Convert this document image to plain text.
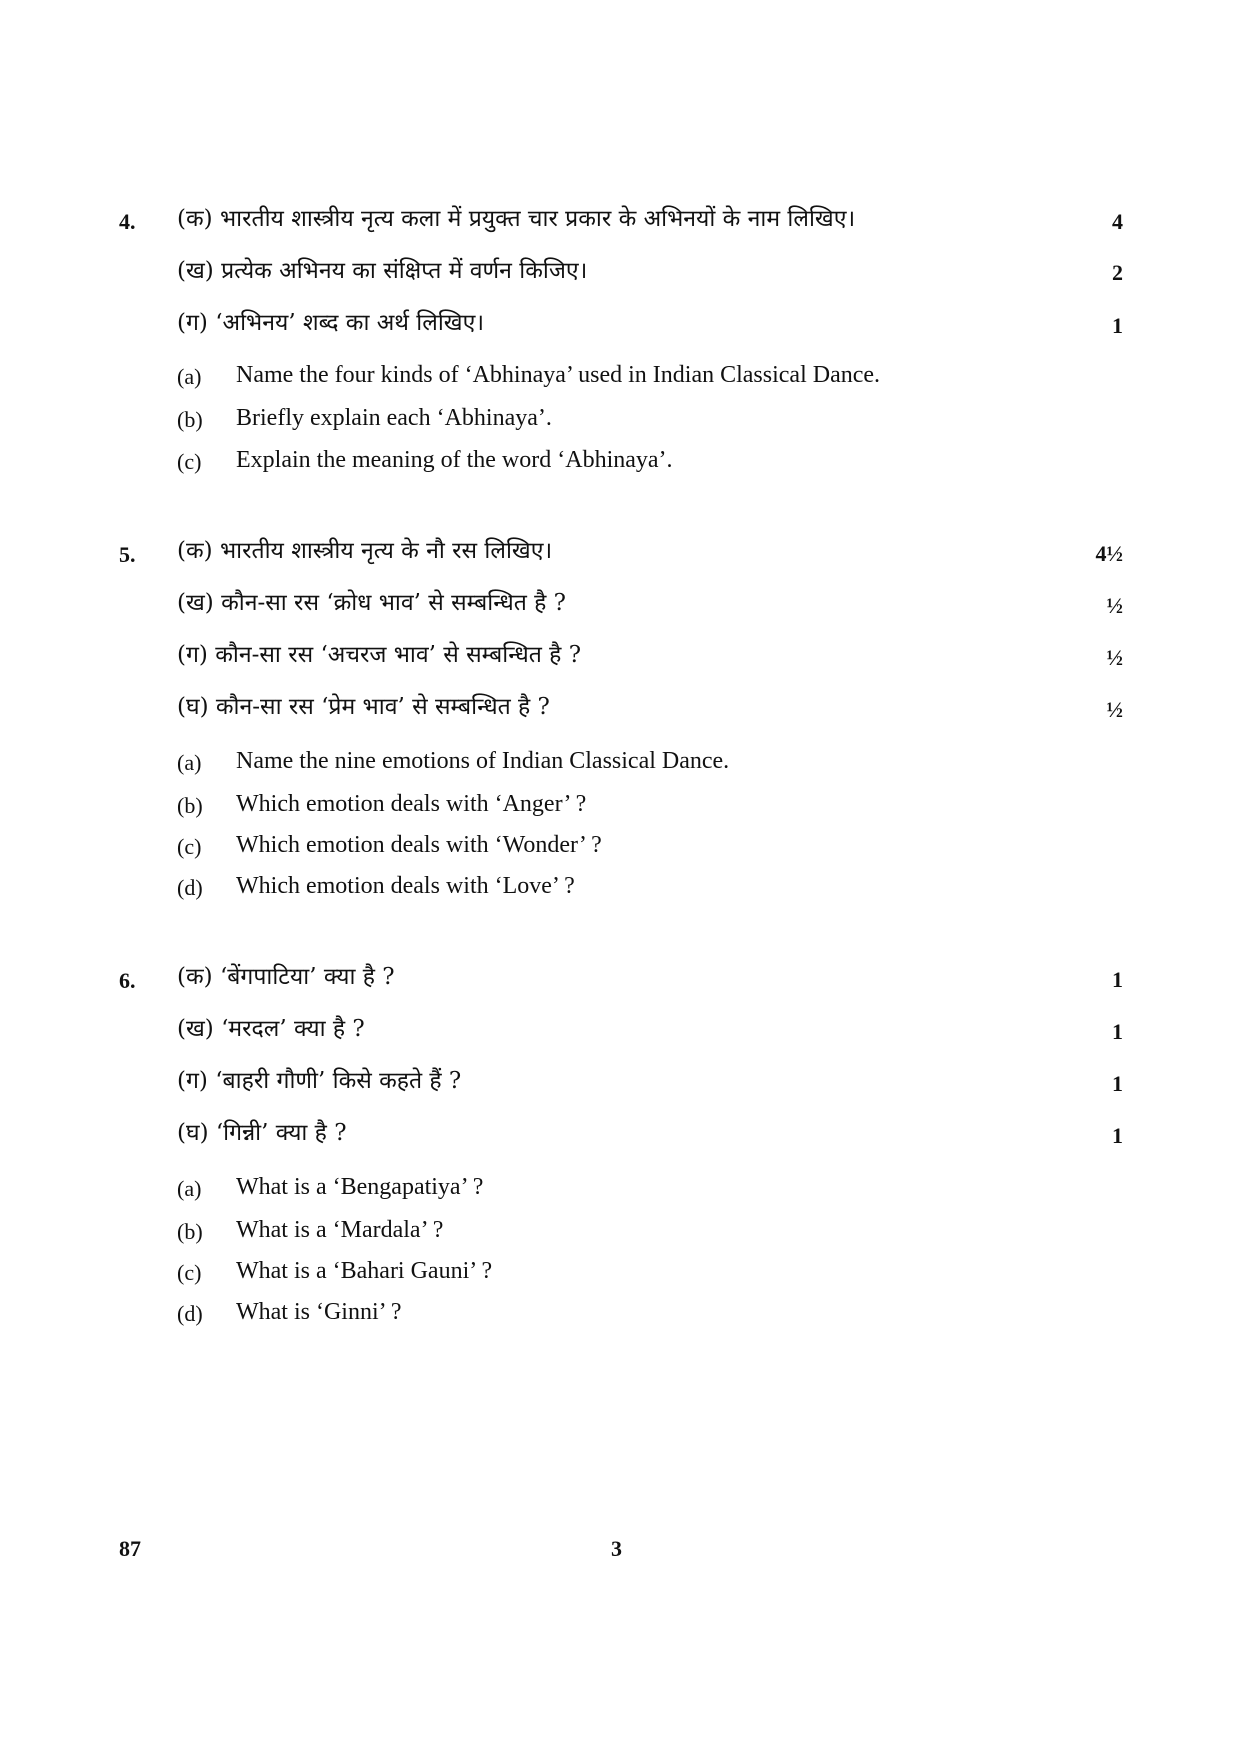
4. (क) भारतीय शास्त्रीय नृत्य कला में प्रयुक्त चार प्रकार के अभिनयों के नाम लिखिए।	4
(ख) प्रत्येक अभिनय का संक्षिप्त में वर्णन किजिए।	2
(ग) ‘अभिनय’ शब्द का अर्थ लिखिए।	1
(a) Name the four kinds of ‘Abhinaya’ used in Indian Classical Dance.
(b) Briefly explain each ‘Abhinaya’.
(c) Explain the meaning of the word ‘Abhinaya’.
5. (क) भारतीय शास्त्रीय नृत्य के नौ रस लिखिए।	4½
(ख) कौन-सा रस ‘क्रोध भाव’ से सम्बन्धित है ?	½
(ग) कौन-सा रस ‘अचरज भाव’ से सम्बन्धित है ?	½
(घ) कौन-सा रस ‘प्रेम भाव’ से सम्बन्धित है ?	½
(a) Name the nine emotions of Indian Classical Dance.
(b) Which emotion deals with ‘Anger’ ?
(c) Which emotion deals with ‘Wonder’ ?
(d) Which emotion deals with ‘Love’ ?
6. (क) ‘बेंगपाटिया’ क्या है ?	1
(ख) ‘मरदल’ क्या है ?	1
(ग) ‘बाहरी गौणी’ किसे कहते हैं ?	1
(घ) ‘गिन्नी’ क्या है ?	1
(a) What is a ‘Bengapatiya’ ?
(b) What is a ‘Mardala’ ?
(c) What is a ‘Bahari Gauni’ ?
(d) What is ‘Ginni’ ?
87	3
